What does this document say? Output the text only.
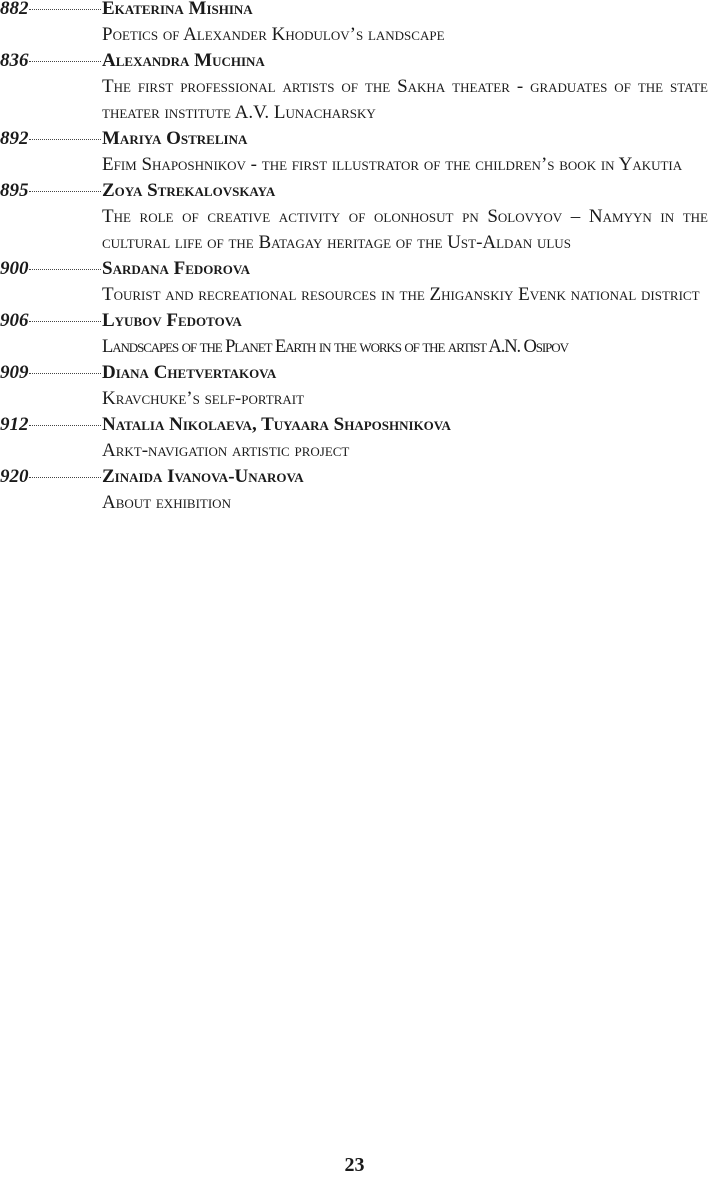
882	Ekaterina Mishina
Poetics of Alexander Khodulov’s landscape
836	Alexandra Muchina
The first professional artists of the Sakha theater - graduates of the state theater institute A.V. Lunacharsky
892	Mariya Ostrelina
Efim Shaposhnikov - the first illustrator of the children’s book in Yakutia
895	Zoya Strekalovskaya
The role of creative activity of olonhosut pn Solovyov – Namyyn in the cultural life of the Batagay heritage of the Ust-Aldan ulus
900	Sardana Fedorova
Tourist and recreational resources in the Zhiganskiy Evenk national district
906	Lyubov Fedotova
Landscapes of the Planet Earth in the works of the artist A.N. Osipov
909	Diana Chetvertakova
Kravchuke’s self-portrait
912	Natalia Nikolaeva, Tuyaara Shaposhnikova
Arkt-navigation artistic project
920	Zinaida Ivanova-Unarova
About exhibition
23
